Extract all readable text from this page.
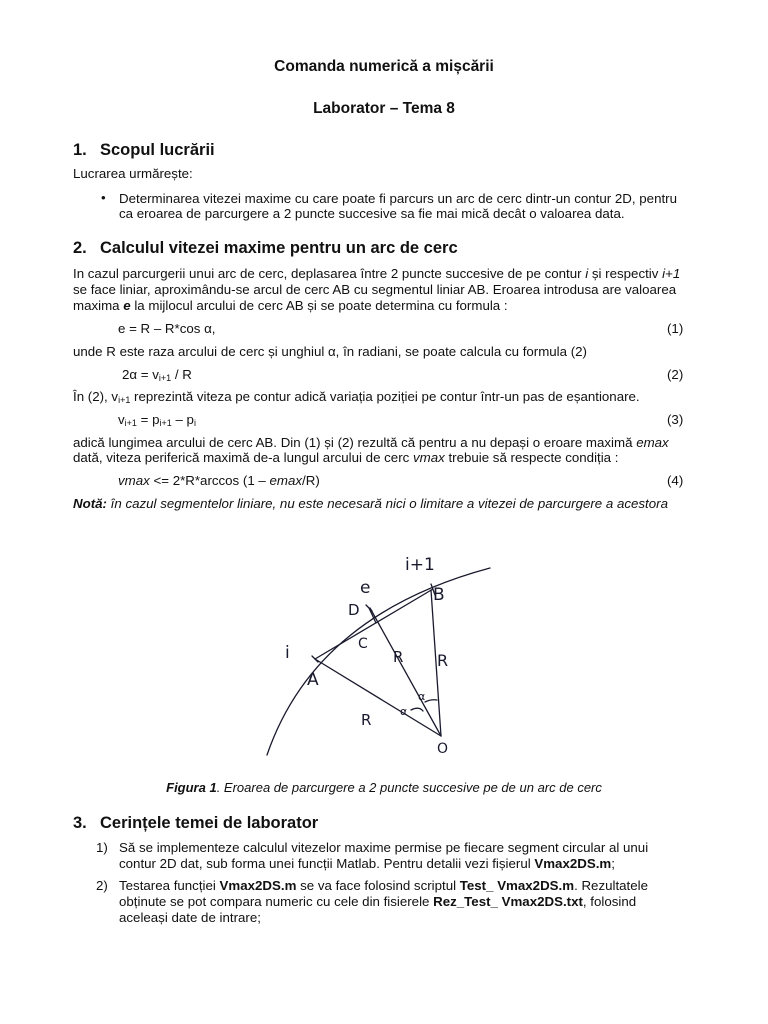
Comanda numerică a mișcării
Laborator – Tema 8
1. Scopul lucrării
Lucrarea urmărește:
• Determinarea vitezei maxime cu care poate fi parcurs un arc de cerc dintr-un contur 2D, pentru
ca eroarea de parcurgere a 2 puncte succesive sa fie mai mică decât o valoarea data.
2. Calculul vitezei maxime pentru un arc de cerc
In cazul parcurgerii unui arc de cerc, deplasarea între 2 puncte succesive de pe contur i și respectiv i+1
se face liniar, aproximându-se arcul de cerc AB cu segmentul liniar AB. Eroarea introdusa are valoarea
maxima e la mijlocul arcului de cerc AB și se poate determina cu formula :
e = R – R*cos α,	(1)
unde R este raza arcului de cerc și unghiul α, în radiani, se poate calcula cu formula (2)
$2\alpha = v_{i+1} / R$	(2)
În (2), $v_{i+1}$ reprezintă viteza pe contur adică variația poziției pe contur într-un pas de eșantionare.
$v_{i+1} = p_{i+1} - p_i$	(3)
adică lungimea arcului de cerc AB. Din (1) și (2) rezultă că pentru a nu depași o eroare maximă emax
dată, viteza periferică maximă de-a lungul arcului de cerc vmax trebuie să respecte condiția :
vmax <= 2*R*arccos (1 – emax/R)	(4)
Notă: în cazul segmentelor liniare, nu este necesară nici o limitare a vitezei de parcurgere a acestora
i
i+1
e
D
C
A
B
R R
R	α
α
O
Figura 1. Eroarea de parcurgere a 2 puncte succesive pe de un arc de cerc
3. Cerințele temei de laborator
1) Să se implementeze calculul vitezelor maxime permise pe fiecare segment circular al unui
contur 2D dat, sub forma unei funcții Matlab. Pentru detalii vezi fișierul Vmax2DS.m;
2) Testarea funcției Vmax2DS.m se va face folosind scriptul Test_ Vmax2DS.m. Rezultatele
obținute se pot compara numeric cu cele din fisierele Rez_Test_ Vmax2DS.txt, folosind
aceleași date de intrare;
